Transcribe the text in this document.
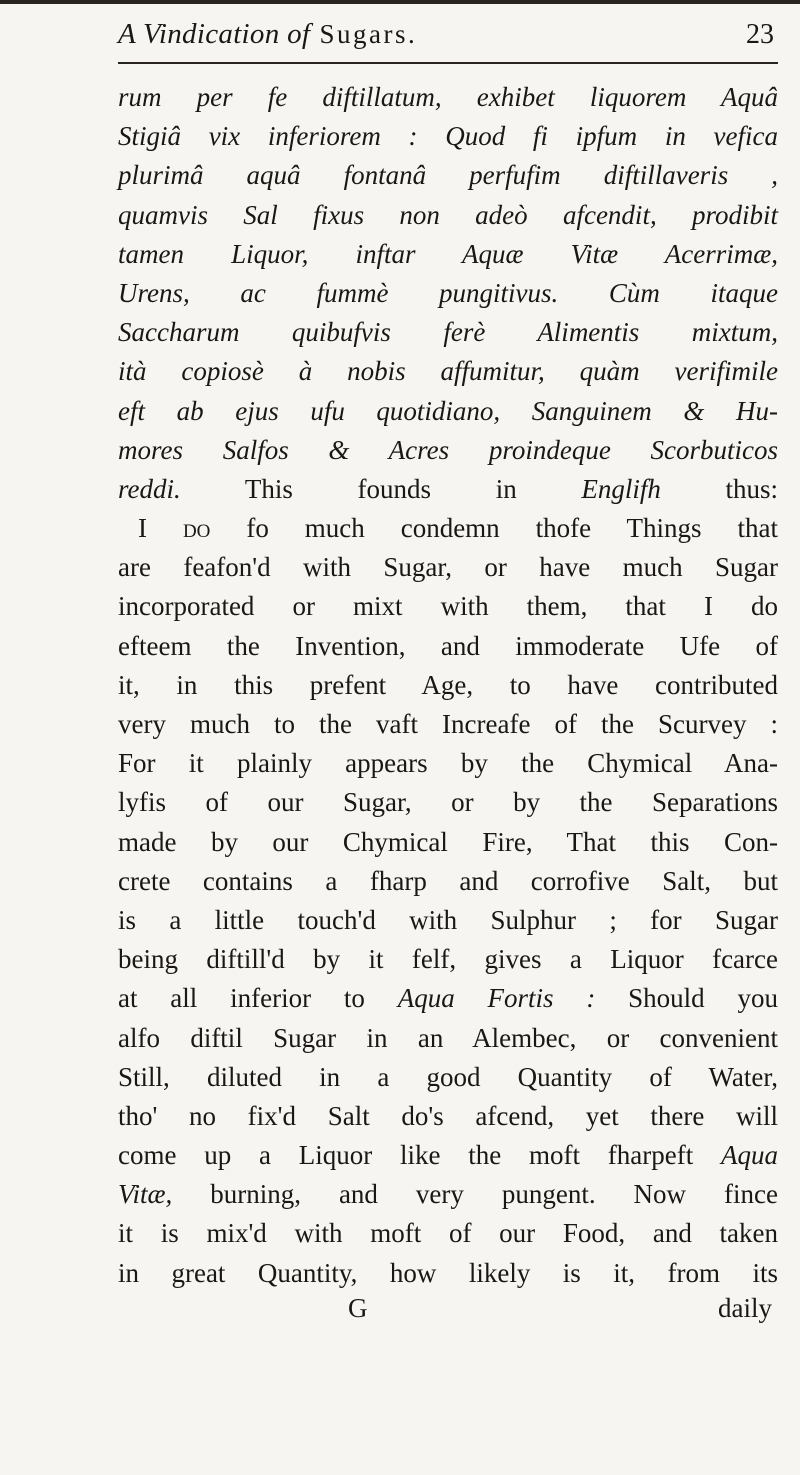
A Vindication of Sugars.	23
rum per fe diftillatum, exhibet liquorem Aquâ
Stigiâ vix inferiorem : Quod fi ipfum in vefica
plurimâ aquâ fontanâ perfufim diftillaveris ,
quamvis Sal fixus non adeò afcendit, prodibit
tamen Liquor, inftar Aquæ Vitæ Acerrimæ,
Urens, ac fummè pungitivus. Cùm itaque
Saccharum quibufvis ferè Alimentis mixtum,
ità copiosè à nobis affumitur, quàm verifimile
eft ab ejus ufu quotidiano, Sanguinem & Hu-
mores Salfos & Acres proindeque Scorbuticos
reddi. This founds in Englifh thus:
I do fo much condemn thofe Things that
are feafon'd with Sugar, or have much Sugar
incorporated or mixt with them, that I do
efteem the Invention, and immoderate Ufe of
it, in this prefent Age, to have contributed
very much to the vaft Increafe of the Scurvey :
For it plainly appears by the Chymical Ana-
lyfis of our Sugar, or by the Separations
made by our Chymical Fire, That this Con-
crete contains a fharp and corrofive Salt, but
is a little touch'd with Sulphur ; for Sugar
being diftill'd by it felf, gives a Liquor fcarce
at all inferior to Aqua Fortis : Should you
alfo diftil Sugar in an Alembec, or convenient
Still, diluted in a good Quantity of Water,
tho' no fix'd Salt do's afcend, yet there will
come up a Liquor like the moft fharpeft Aqua
Vitæ, burning, and very pungent. Now fince
it is mix'd with moft of our Food, and taken
in great Quantity, how likely is it, from its
G	daily
